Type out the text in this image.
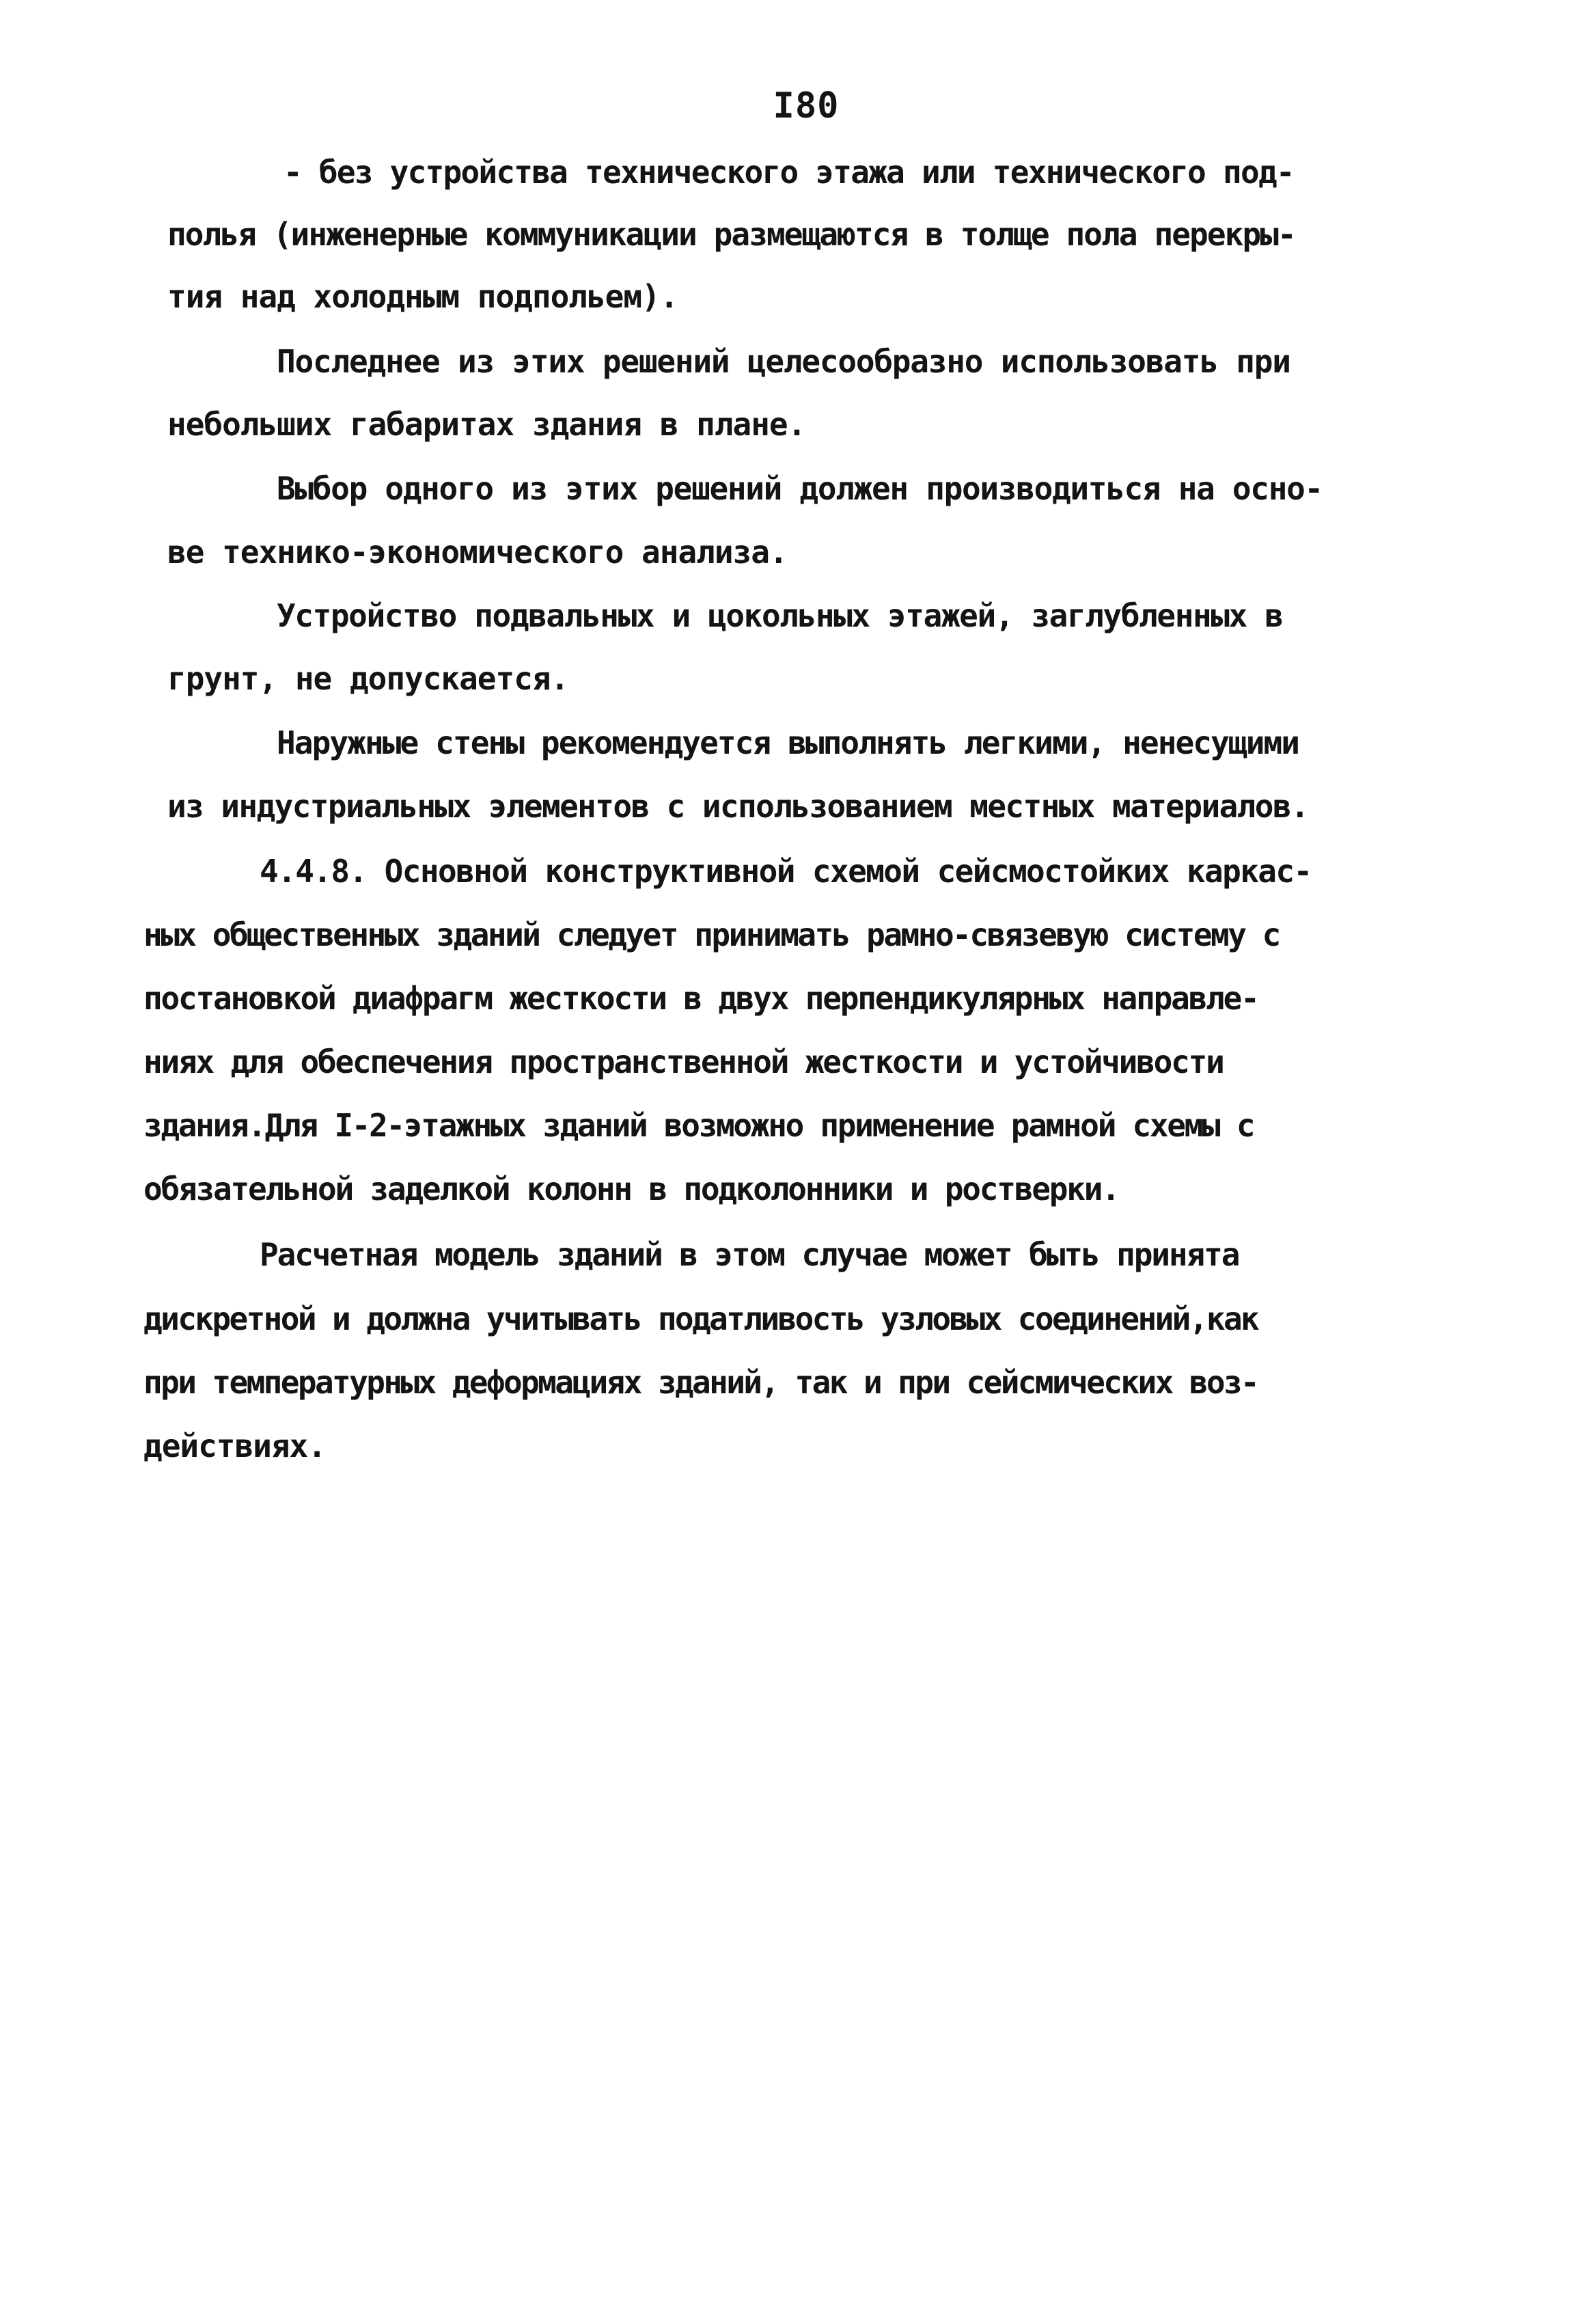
I80
- без устройства технического этажа или технического под-
полья (инженерные коммуникации размещаются в толще пола перекры-
тия над холодным подпольем).
Последнее из этих решений целесообразно использовать при
небольших габаритах здания в плане.
Выбор одного из этих решений должен производиться на осно-
ве технико-экономического анализа.
Устройство подвальных и цокольных этажей, заглубленных в
грунт, не допускается.
Наружные стены рекомендуется выполнять легкими, ненесущими
из индустриальных элементов с использованием местных материалов.
4.4.8. Основной конструктивной схемой сейсмостойких каркас-
ных общественных зданий следует принимать рамно-связевую систему с
постановкой диафрагм жесткости в двух перпендикулярных направле-
ниях для обеспечения пространственной жесткости и устойчивости
здания.Для I-2-этажных зданий возможно применение рамной схемы с
обязательной заделкой колонн в подколонники и ростверки.
Расчетная модель зданий в этом случае может быть принята
дискретной и должна учитывать податливость узловых соединений,как
при температурных деформациях зданий, так и при сейсмических воз-
действиях.
